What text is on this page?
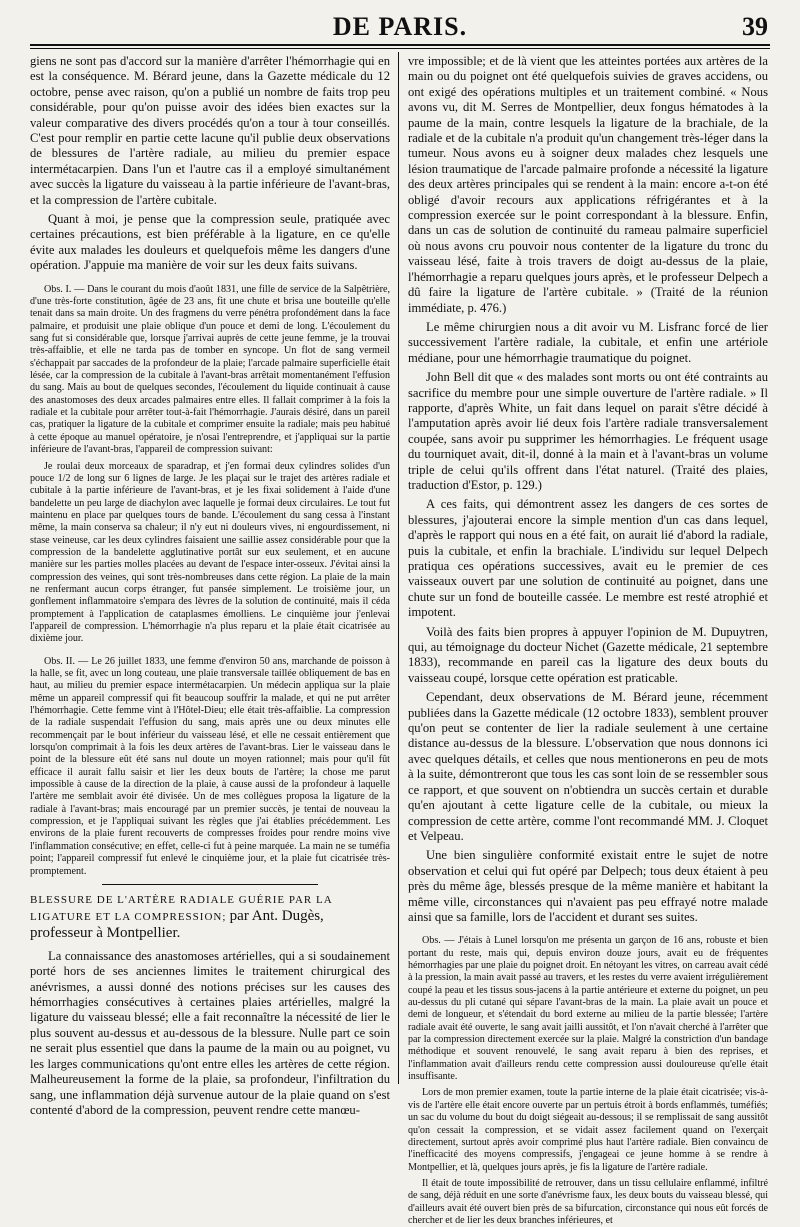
DE PARIS.	39

giens ne sont pas d'accord sur la manière d'arrêter l'hémorrhagie qui en est la conséquence. M. Bérard jeune, dans la Gazette médicale du 12 octobre, pense avec raison, qu'on a publié un nombre de faits trop peu considérable, pour qu'on puisse avoir des idées bien exactes sur la valeur comparative des divers procédés qu'on a tour à tour conseillés. C'est pour remplir en partie cette lacune qu'il publie deux observations de blessures de l'artère radiale, au milieu du premier espace intermétacarpien. Dans l'un et l'autre cas il a employé simultanément avec succès la ligature du vaisseau à la partie inférieure de l'avant-bras, et la compression de l'artère cubitale.

Quant à moi, je pense que la compression seule, pratiquée avec certaines précautions, est bien préférable à la ligature, en ce qu'elle évite aux malades les douleurs et quelquefois même les dangers d'une opération. J'appuie ma manière de voir sur les deux faits suivans.

Obs. I. — Dans le courant du mois d'août 1831, une fille de service de la Salpêtrière, d'une très-forte constitution, âgée de 23 ans, fit une chute et brisa une bouteille qu'elle tenait dans sa main droite. Un des fragmens du verre pénétra profondément dans la face palmaire, et produisit une plaie oblique d'un pouce et demi de long. L'écoulement du sang fut si considérable que, lorsque j'arrivai auprès de cette jeune femme, je la trouvai très-affaiblie, et elle ne tarda pas de tomber en syncope. Un flot de sang vermeil s'échappait par saccades de la profondeur de la plaie; l'arcade palmaire superficielle était lésée, car la compression de la cubitale à l'avant-bras arrêtait momentanément l'effusion du sang. Mais au bout de quelques secondes, l'écoulement du liquide continuait à cause des anastomoses des deux arcades palmaires entre elles. Il fallait comprimer à la fois la radiale et la cubitale pour arrêter tout-à-fait l'hémorrhagie. J'aurais désiré, dans un pareil cas, pratiquer la ligature de la cubitale et comprimer ensuite la radiale; mais peu habitué à cette époque au manuel opératoire, je n'osai l'entreprendre, et j'appliquai sur la partie inférieure de l'avant-bras, l'appareil de compression suivant:

Je roulai deux morceaux de sparadrap, et j'en formai deux cylindres solides d'un pouce 1/2 de long sur 6 lignes de large. Je les plaçai sur le trajet des artères radiale et cubitale à la partie inférieure de l'avant-bras, et je les fixai solidement à l'aide d'une bandelette un peu large de diachylon avec laquelle je formai deux circulaires. Le tout fut maintenu en place par quelques tours de bande. L'écoulement du sang cessa à l'instant même, la main conserva sa chaleur; il n'y eut ni douleurs vives, ni engourdissement, ni stase veineuse, car les deux cylindres faisaient une saillie assez considérable pour que la compression de la bandelette agglutinative portât sur eux seulement, et en aucune manière sur les parties molles placées au devant de l'espace inter-osseux. J'évitai ainsi la compression des veines, qui sont très-nombreuses dans cette région. La plaie de la main ne renfermant aucun corps étranger, fut pansée simplement. Le troisième jour, un gonflement inflammatoire s'empara des lèvres de la solution de continuité, mais il céda promptement à l'application de cataplasmes émolliens. Le cinquième jour j'enlevai l'appareil de compression. L'hémorrhagie n'a plus reparu et la plaie était cicatrisée au dixième jour.

Obs. II. — Le 26 juillet 1833, une femme d'environ 50 ans, marchande de poisson à la halle, se fit, avec un long couteau, une plaie transversale taillée obliquement de bas en haut, au milieu du premier espace intermétacarpien. Un médecin appliqua sur la plaie même un appareil compressif qui fit beaucoup souffrir la malade, et qui ne put arrêter l'hémorrhagie. Cette femme vint à l'Hôtel-Dieu; elle était très-affaiblie. La compression de la radiale suspendait l'effusion du sang, mais après une ou deux minutes elle recommençait par le bout inférieur du vaisseau lésé, et elle ne cessait entièrement que lorsqu'on comprimait à la fois les deux artères de l'avant-bras. Lier le vaisseau dans le point de la blessure eût été sans nul doute un moyen rationnel; mais pour qu'il fût efficace il aurait fallu saisir et lier les deux bouts de l'artère; la chose me parut impossible à cause de la direction de la plaie, à cause aussi de la profondeur à laquelle l'artère me semblait avoir été divisée. Un de mes collègues proposa la ligature de la radiale à l'avant-bras; mais encouragé par un premier succès, je tentai de nouveau la compression, et je l'appliquai suivant les règles que j'ai établies précédemment. Les environs de la plaie furent recouverts de compresses froides pour rendre moins vive l'inflammation consécutive; en effet, celle-ci fut à peine marquée. La main ne se tuméfia point; l'appareil compressif fut enlevé le cinquième jour, et la plaie fut cicatrisée très-promptement.

BLESSURE DE L'ARTÈRE RADIALE GUÉRIE PAR LA LIGATURE ET LA COMPRESSION; par Ant. Dugès, professeur à Montpellier.

La connaissance des anastomoses artérielles, qui a si soudainement porté hors de ses anciennes limites le traitement chirurgical des anévrismes, a aussi donné des notions précises sur les causes des hémorrhagies consécutives à certaines plaies artérielles, malgré la ligature du vaisseau blessé; elle a fait reconnaître la nécessité de lier le plus souvent au-dessus et au-dessous de la blessure. Nulle part ce soin ne serait plus essentiel que dans la paume de la main ou au poignet, vu les larges communications qu'ont entre elles les artères de cette région. Malheureusement la forme de la plaie, sa profondeur, l'infiltration du sang, une inflammation déjà survenue autour de la plaie quand on s'est contenté d'abord de la compression, peuvent rendre cette manœu-

vre impossible; et de là vient que les atteintes portées aux artères de la main ou du poignet ont été quelquefois suivies de graves accidens, ou ont exigé des opérations multiples et un traitement combiné. « Nous avons vu, dit M. Serres de Montpellier, deux fongus hématodes à la paume de la main, contre lesquels la ligature de la brachiale, de la radiale et de la cubitale n'a produit qu'un changement très-léger dans la tumeur. Nous avons eu à soigner deux malades chez lesquels une lésion traumatique de l'arcade palmaire profonde a nécessité la ligature des deux artères principales qui se rendent à la main: encore a-t-on été obligé d'avoir recours aux applications réfrigérantes et à la compression exercée sur le point correspondant à la blessure. Enfin, dans un cas de solution de continuité du rameau palmaire superficiel où nous avons cru pouvoir nous contenter de la ligature du tronc du vaisseau lésé, faite à trois travers de doigt au-dessus de la plaie, l'hémorrhagie a reparu quelques jours après, et le professeur Delpech a dû faire la ligature de l'artère cubitale. » (Traité de la réunion immédiate, p. 476.)

Le même chirurgien nous a dit avoir vu M. Lisfranc forcé de lier successivement l'artère radiale, la cubitale, et enfin une artériole médiane, pour une hémorrhagie traumatique du poignet.

John Bell dit que « des malades sont morts ou ont été contraints au sacrifice du membre pour une simple ouverture de l'artère radiale. » Il rapporte, d'après White, un fait dans lequel on parait s'être décidé à l'amputation après avoir lié deux fois l'artère radiale transversalement coupée, sans avoir pu supprimer les hémorrhagies. Le fréquent usage du tourniquet avait, dit-il, donné à la main et à l'avant-bras un volume triple de celui qu'ils offrent dans l'état naturel. (Traité des plaies, traduction d'Estor, p. 129.)

A ces faits, qui démontrent assez les dangers de ces sortes de blessures, j'ajouterai encore la simple mention d'un cas dans lequel, d'après le rapport qui nous en a été fait, on aurait lié d'abord la radiale, puis la cubitale, et enfin la brachiale. L'individu sur lequel Delpech pratiqua ces opérations successives, avait eu le premier de ces vaisseaux ouvert par une solution de continuité au poignet, dans une chute sur un fond de bouteille cassée. Le membre est resté atrophié et impotent.

Voilà des faits bien propres à appuyer l'opinion de M. Dupuytren, qui, au témoignage du docteur Nichet (Gazette médicale, 21 septembre 1833), recommande en pareil cas la ligature des deux bouts du vaisseau coupé, lorsque cette opération est praticable.

Cependant, deux observations de M. Bérard jeune, récemment publiées dans la Gazette médicale (12 octobre 1833), semblent prouver qu'on peut se contenter de lier la radiale seulement à une certaine distance au-dessus de la blessure. L'observation que nous donnons ici avec quelques détails, et celles que nous mentionerons en peu de mots à la suite, démontreront que tous les cas sont loin de se ressembler sous ce rapport, et que souvent on n'obtiendra un succès certain et durable qu'en ajoutant à cette ligature celle de la cubitale, ou mieux la compression de cette artère, comme l'ont recommandé MM. J. Cloquet et Velpeau.

Une bien singulière conformité existait entre le sujet de notre observation et celui qui fut opéré par Delpech; tous deux étaient à peu près du même âge, blessés presque de la même manière et habitant la même ville, circonstances qui n'avaient pas peu effrayé notre malade ainsi que sa famille, lors de l'accident et durant ses suites.

Obs. — J'étais à Lunel lorsqu'on me présenta un garçon de 16 ans, robuste et bien portant du reste, mais qui, depuis environ douze jours, avait eu de fréquentes hémorrhagies par une plaie du poignet droit. En nétoyant les vitres, on carreau avait cédé à la pression, la main avait passé au travers, et les restes du verre avaient irrégulièrement coupé la peau et les tissus sous-jacens à la partie antérieure et externe du poignet, un peu au-dessus du pli cutané qui sépare l'avant-bras de la main. La plaie avait un pouce et demi de longueur, et s'étendait du bord externe au milieu de la partie blessée; l'artère radiale avait été ouverte, le sang avait jailli aussitôt, et l'on n'avait cherché à l'arrêter que par la compression directement exercée sur la plaie. Malgré la constriction d'un bandage méthodique et souvent renouvelé, le sang avait reparu à bien des reprises, et l'inflammation avait d'ailleurs rendu cette compression aussi douloureuse qu'elle était insuffisante.

Lors de mon premier examen, toute la partie interne de la plaie était cicatrisée; vis-à-vis de l'artère elle était encore ouverte par un pertuis étroit à bords enflammés, tuméfiés; un sac du volume du bout du doigt siégeait au-dessous; il se remplissait de sang aussitôt qu'on cessait la compression, et se vidait assez facilement quand on l'exerçait directement, surtout après avoir comprimé plus haut l'artère radiale. Bien convaincu de l'inefficacité des moyens compressifs, j'engageai ce jeune homme à se rendre à Montpellier, et là, quelques jours après, je fis la ligature de l'artère radiale.

Il était de toute impossibilité de retrouver, dans un tissu cellulaire enflammé, infiltré de sang, déjà réduit en une sorte d'anévrisme faux, les deux bouts du vaisseau blessé, qui d'ailleurs avait été ouvert bien près de sa bifurcation, circonstance qui nous eût forcés de chercher et de lier les deux branches inférieures, et
